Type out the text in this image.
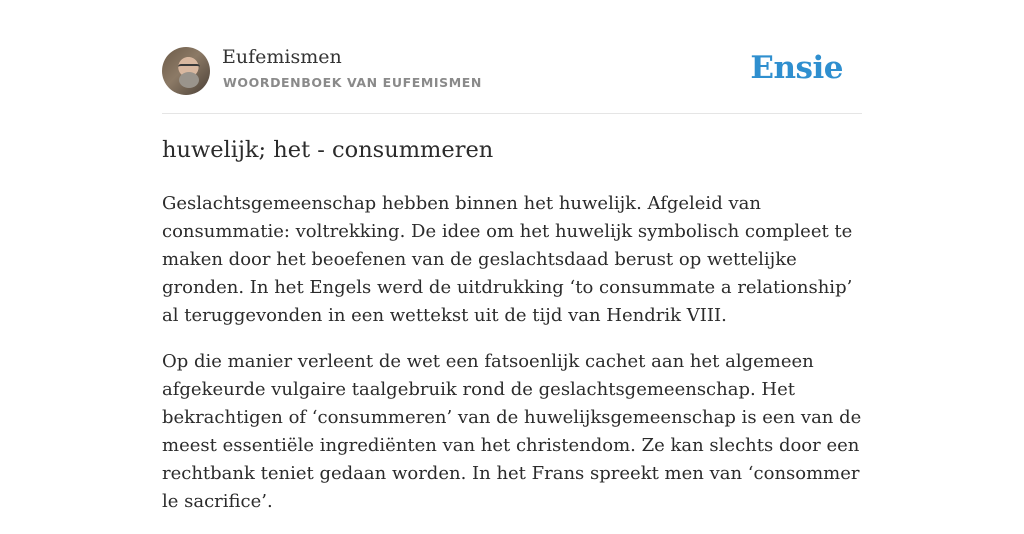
Eufemismen
WOORDENBOEK VAN EUFEMISMEN	Ensie
huwelijk; het - consummeren

Geslachtsgemeenschap hebben binnen het huwelijk. Afgeleid van consummatie: voltrekking. De idee om het huwelijk symbolisch compleet te maken door het beoefenen van de geslachtsdaad berust op wettelijke gronden. In het Engels werd de uitdrukking ‘to consummate a relationship’ al teruggevonden in een wettekst uit de tijd van Hendrik VIII.

Op die manier verleent de wet een fatsoenlijk cachet aan het algemeen afgekeurde vulgaire taalgebruik rond de geslachtsgemeenschap. Het bekrachtigen of ‘consummeren’ van de huwelijksgemeenschap is een van de meest essentiële ingrediënten van het christendom. Ze kan slechts door een rechtbank teniet gedaan worden. In het Frans spreekt men van ‘consommer le sacrifice’.
